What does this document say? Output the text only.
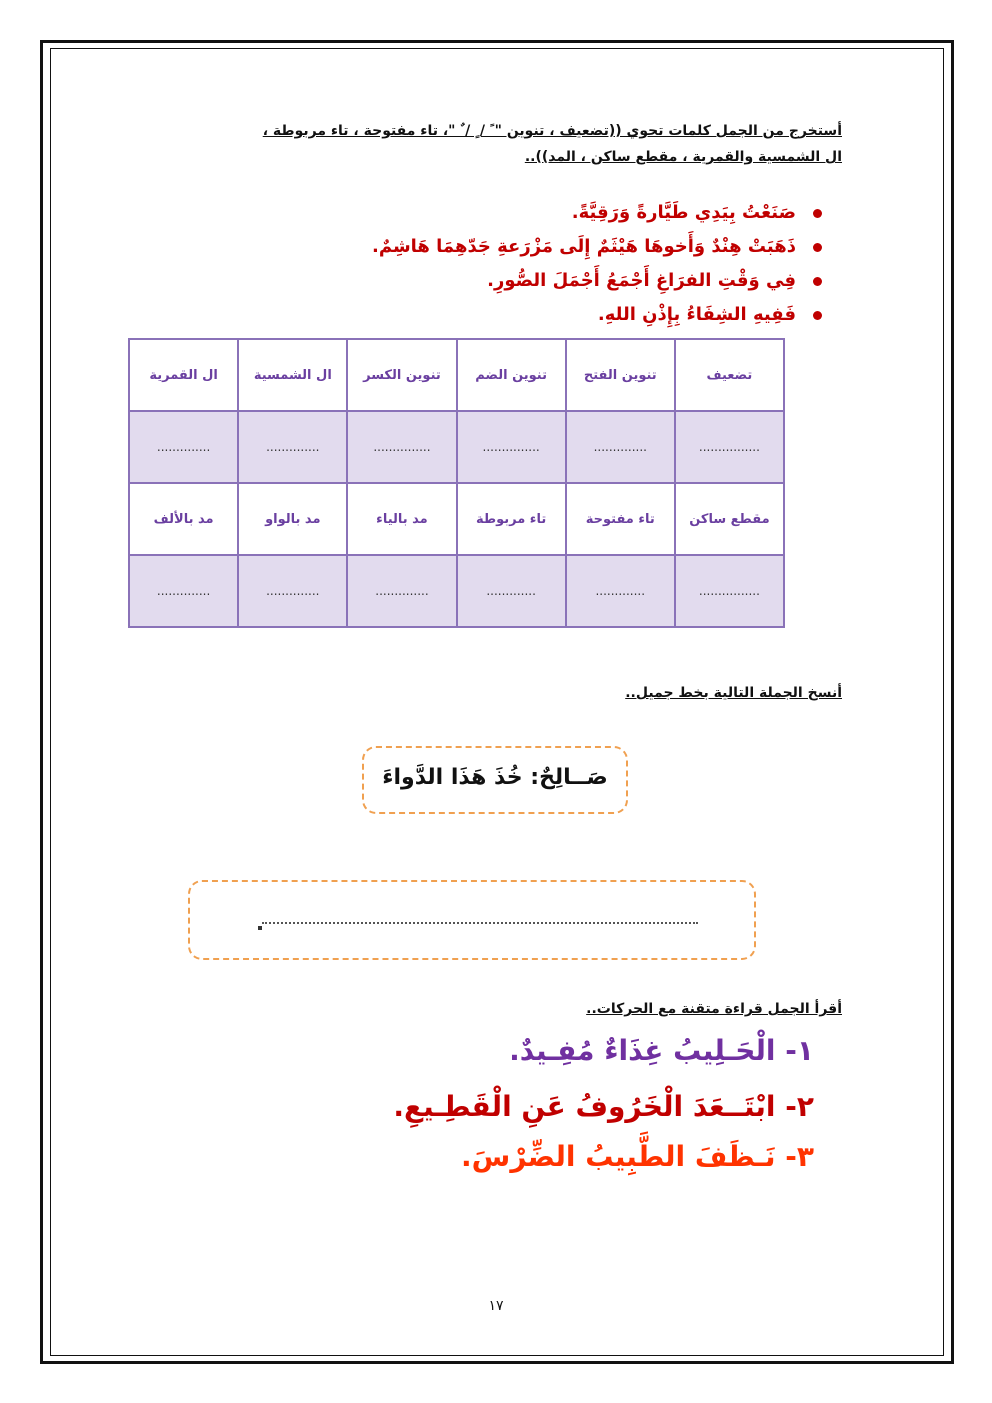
أستخرج من الجمل كلمات تحوي ((تضعيف ، تنوين " ً / ٍ / ٌ "، تاء مفتوحة ، تاء مربوطة ،
ال الشمسية والقمرية ، مقطع ساكن ، المد))..
صَنَعْتُ بِيَدِي طَيَّارةً وَرَقِيَّةً.
ذَهَبَتْ هِنْدٌ وَأَخوهَا هَيْثَمٌ إِلَى مَزْرَعةِ جَدّهِمَا هَاشِمٌ.
فِي وَقْتِ الفرَاغِ أَجْمَعُ أَجْمَلَ الصُّورِ.
فَفِيهِ الشِفَاءُ بِإِذْنِ اللهِ.
تضعيف	تنوين الفتح	تنوين الضم	تنوين الكسر	ال الشمسية	ال القمرية
................	..............	...............	...............	..............	..............
مقطع ساكن	تاء مفتوحة	تاء مربوطة	مد بالياء	مد بالواو	مد بالألف
................	.............	.............	..............	..............	..............
أنسخ الجملة التالية بخط جميل..
صَــالِحٌ: خُذَ هَذَا الدَّواءَ
أقرأ الجمل قراءة متقنة مع الحركات..
١- الْحَـلِيبُ غِذَاءٌ مُفِـيدٌ.
٢- ابْتَــعَدَ الْخَرُوفُ عَنِ الْقَطِـيعِ.
٣- نَـظَفَ الطَّبِيبُ الضِّرْسَ.
١٧
